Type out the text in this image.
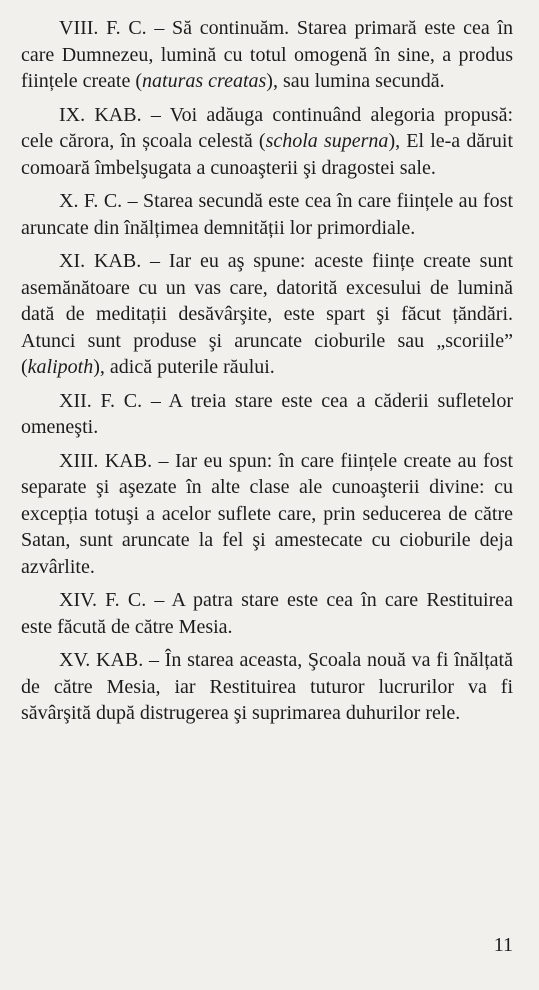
VIII. F. C. – Să continuăm. Starea primară este cea în care Dumnezeu, lumină cu totul omogenă în sine, a produs ființele create (naturas creatas), sau lumina secundă.

IX. KAB. – Voi adăuga continuând alegoria propusă: cele cărora, în școala celestă (schola superna), El le-a dăruit comoară îmbelşugata a cunoaşterii şi dragostei sale.

X. F. C. – Starea secundă este cea în care ființele au fost aruncate din înălțimea demnității lor primordiale.

XI. KAB. – Iar eu aş spune: aceste ființe create sunt asemănătoare cu un vas care, datorită excesului de lumină dată de meditații desăvârşite, este spart şi făcut țăndări. Atunci sunt produse şi aruncate cioburile sau „scoriile” (kalipoth), adică puterile răului.

XII. F. C. – A treia stare este cea a căderii sufletelor omeneşti.

XIII. KAB. – Iar eu spun: în care ființele create au fost separate şi aşezate în alte clase ale cunoaşterii divine: cu excepția totuşi a acelor suflete care, prin seducerea de către Satan, sunt aruncate la fel şi amestecate cu cioburile deja azvârlite.

XIV. F. C. – A patra stare este cea în care Restituirea este făcută de către Mesia.

XV. KAB. – În starea aceasta, Şcoala nouă va fi înălțată de către Mesia, iar Restituirea tuturor lucrurilor va fi săvârşită după distrugerea şi suprimarea duhurilor rele.

11
